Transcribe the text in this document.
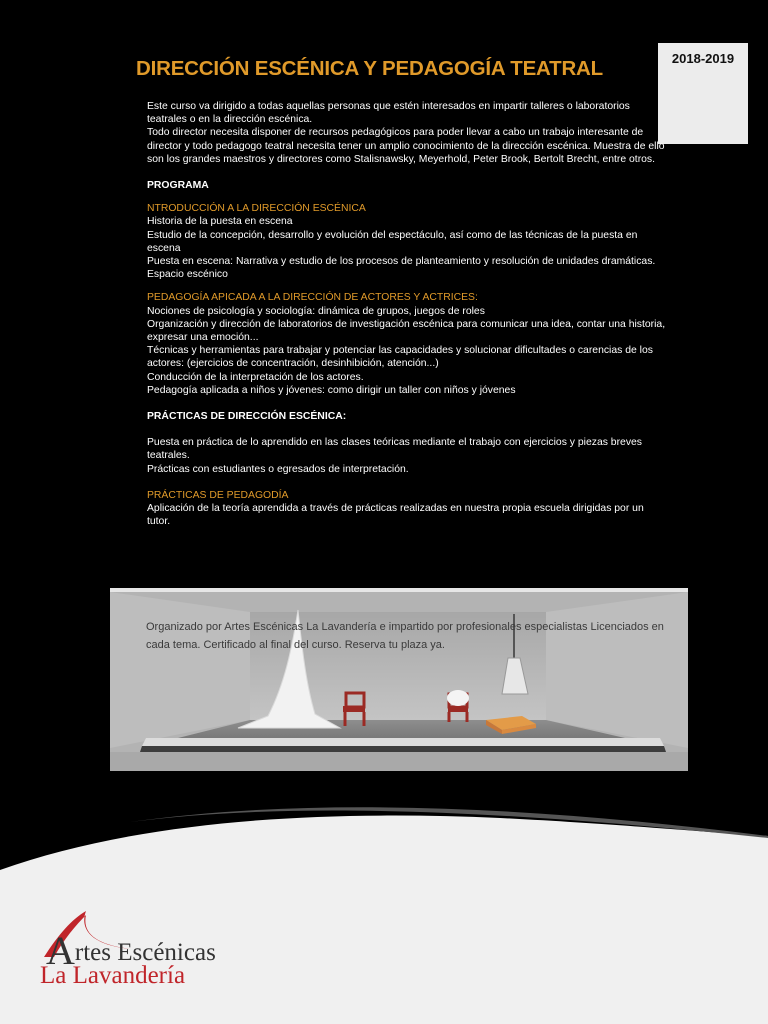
2018-2019
DIRECCIÓN ESCÉNICA Y PEDAGOGÍA TEATRAL

Este curso va dirigido a todas aquellas personas que estén interesados en impartir talleres o laboratorios teatrales o en la dirección escénica.

Todo director necesita disponer de recursos pedagógicos para poder llevar a cabo un trabajo interesante de director y todo pedagogo teatral necesita tener un amplio conocimiento de la dirección escénica. Muestra de ello son los grandes maestros y directores como Stalisnawsky, Meyerhold, Peter Brook, Bertolt Brecht, entre otros.

PROGRAMA

NTRODUCCIÓN A LA DIRECCIÓN ESCÉNICA

Historia de la puesta en escena

Estudio de la concepción, desarrollo y evolución del espectáculo, así como de las técnicas de la puesta en escena

Puesta en escena: Narrativa y estudio de los procesos de planteamiento y resolución de unidades dramáticas.

Espacio escénico

PEDAGOGÍA APICADA A LA DIRECCIÓN DE ACTORES Y ACTRICES:

Nociones de psicología y sociología: dinámica de grupos, juegos de roles

Organización y dirección de laboratorios de investigación escénica para comunicar una idea, contar una historia, expresar una emoción...

Técnicas y herramientas para trabajar y potenciar las capacidades y solucionar dificultades o carencias de los actores: (ejercicios de concentración, desinhibición, atención...)

Conducción de la interpretación de los actores.

Pedagogía aplicada a niños y jóvenes: como dirigir un taller con niños y jóvenes

PRÁCTICAS DE DIRECCIÓN ESCÉNICA:

Puesta en práctica de lo aprendido en las clases teóricas mediante el trabajo con ejercicios y piezas breves teatrales.

Prácticas con estudiantes o egresados de interpretación.

PRÁCTICAS DE PEDAGODÍA

Aplicación de la teoría aprendida a través de prácticas realizadas en nuestra propia escuela dirigidas por un tutor.

Organizado por Artes Escénicas La Lavandería e impartido por profesionales especialistas Licenciados en cada tema. Certificado al final del curso. Reserva tu plaza ya.
Artes Escénicas
La Lavandería
